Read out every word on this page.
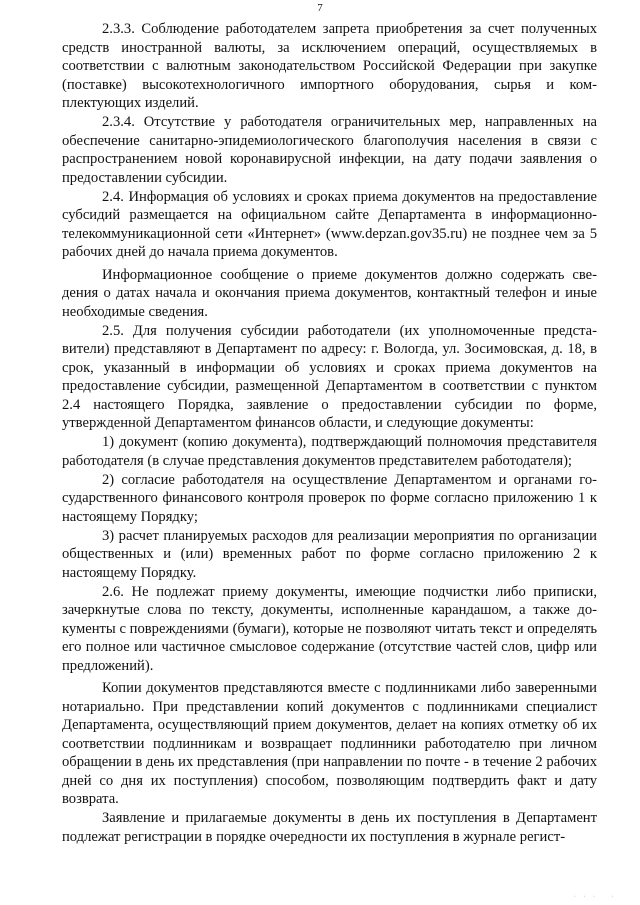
7

2.3.3. Соблюдение работодателем запрета приобретения за счет полученных средств иностранной валюты, за исключением операций, осуществляемых в соответствии с валютным законодательством Российской Федерации при закупке (поставке) высокотехнологичного импортного оборудования, сырья и комплектующих изделий.

2.3.4. Отсутствие у работодателя ограничительных мер, направленных на обеспечение санитарно-эпидемиологического благополучия населения в связи с распространением новой коронавирусной инфекции, на дату подачи заявления о предоставлении субсидии.

2.4. Информация об условиях и сроках приема документов на предоставление субсидий размещается на официальном сайте Департамента в информационно-телекоммуникационной сети «Интернет» (www.depzan.gov35.ru) не позднее чем за 5 рабочих дней до начала приема документов.

Информационное сообщение о приеме документов должно содержать сведения о датах начала и окончания приема документов, контактный телефон и иные необходимые сведения.

2.5. Для получения субсидии работодатели (их уполномоченные представители) представляют в Департамент по адресу: г. Вологда, ул. Зосимовская, д. 18, в срок, указанный в информации об условиях и сроках приема документов на предоставление субсидии, размещенной Департаментом в соответствии с пунктом 2.4 настоящего Порядка, заявление о предоставлении субсидии по форме, утвержденной Департаментом финансов области, и следующие документы:

1) документ (копию документа), подтверждающий полномочия представителя работодателя (в случае представления документов представителем работодателя);

2) согласие работодателя на осуществление Департаментом и органами государственного финансового контроля проверок по форме согласно приложению 1 к настоящему Порядку;

3) расчет планируемых расходов для реализации мероприятия по организации общественных и (или) временных работ по форме согласно приложению 2 к настоящему Порядку.

2.6. Не подлежат приему документы, имеющие подчистки либо приписки, зачеркнутые слова по тексту, документы, исполненные карандашом, а также документы с повреждениями (бумаги), которые не позволяют читать текст и определять его полное или частичное смысловое содержание (отсутствие частей слов, цифр или предложений).

Копии документов представляются вместе с подлинниками либо заверенными нотариально. При представлении копий документов с подлинниками специалист Департамента, осуществляющий прием документов, делает на копиях отметку об их соответствии подлинникам и возвращает подлинники работодателю при личном обращении в день их представления (при направлении по почте - в течение 2 рабочих дней со дня их поступления) способом, позволяющим подтвердить факт и дату возврата.

Заявление и прилагаемые документы в день их поступления в Департамент подлежат регистрации в порядке очередности их поступления в журнале регист-

· · ·   ·
